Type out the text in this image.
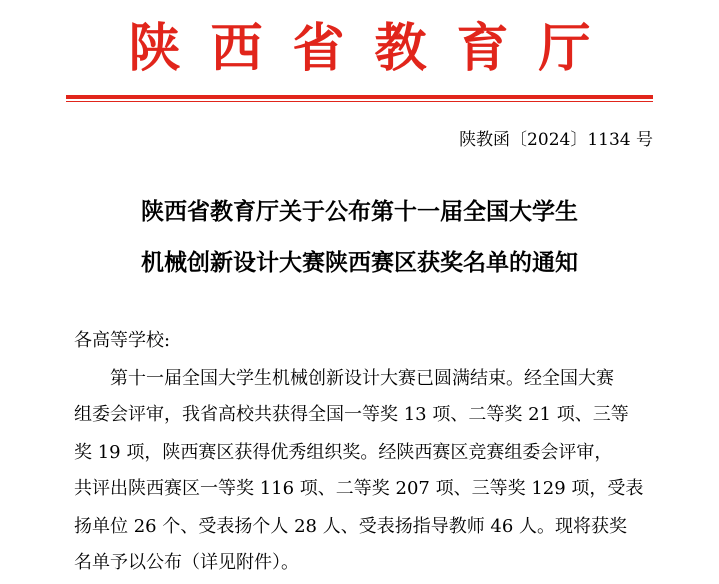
陕西省教育厅
陕教函〔2024〕1134 号
陕西省教育厅关于公布第十一届全国大学生
机械创新设计大赛陕西赛区获奖名单的通知
各高等学校:
第十一届全国大学生机械创新设计大赛已圆满结束。经全国大赛
组委会评审，我省高校共获得全国一等奖 13 项、二等奖 21 项、三等
奖 19 项，陕西赛区获得优秀组织奖。经陕西赛区竞赛组委会评审，
共评出陕西赛区一等奖 116 项、二等奖 207 项、三等奖 129 项，受表
扬单位 26 个、受表扬个人 28 人、受表扬指导教师 46 人。现将获奖
名单予以公布（详见附件）。
